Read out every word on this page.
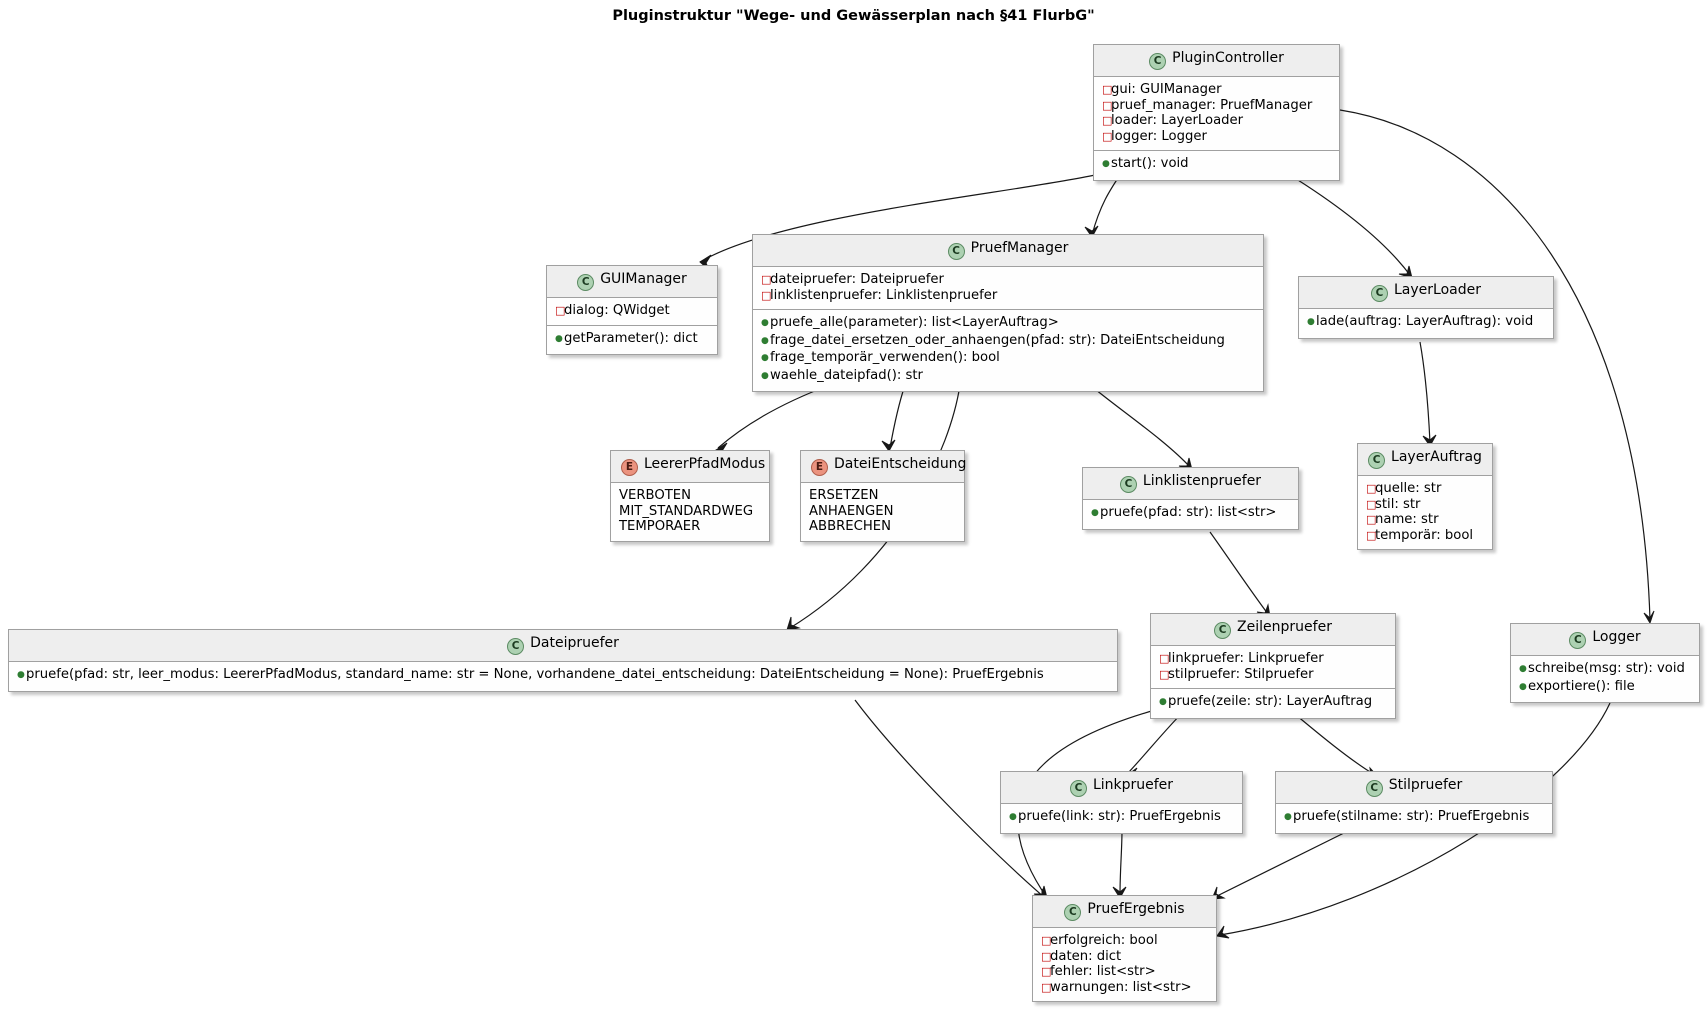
Pluginstruktur "Wege- und Gewässerplan nach §41 FlurbG"
C PluginController
□gui: GUIManager
□pruef_manager: PruefManager
□loader: LayerLoader
□logger: Logger
●start(): void
C GUIManager
□dialog: QWidget
●getParameter(): dict
C PruefManager
□dateipruefer: Dateipruefer
□linklistenpruefer: Linklistenpruefer
●pruefe_alle(parameter): list<LayerAuftrag>
●frage_datei_ersetzen_oder_anhaengen(pfad: str): DateiEntscheidung
●frage_temporär_verwenden(): bool
●waehle_dateipfad(): str
C LayerLoader
●lade(auftrag: LayerAuftrag): void
E LeererPfadModus
VERBOTEN
MIT_STANDARDWEG
TEMPORAER
E DateiEntscheidung
ERSETZEN
ANHAENGEN
ABBRECHEN
C Linklistenpruefer
●pruefe(pfad: str): list<str>
C LayerAuftrag
□quelle: str
□stil: str
□name: str
□temporär: bool
C Dateipruefer
●pruefe(pfad: str, leer_modus: LeererPfadModus, standard_name: str = None, vorhandene_datei_entscheidung: DateiEntscheidung = None): PruefErgebnis
C Zeilenpruefer
□linkpruefer: Linkpruefer
□stilpruefer: Stilpruefer
●pruefe(zeile: str): LayerAuftrag
C Logger
●schreibe(msg: str): void
●exportiere(): file
C Linkpruefer
●pruefe(link: str): PruefErgebnis
C Stilpruefer
●pruefe(stilname: str): PruefErgebnis
C PruefErgebnis
□erfolgreich: bool
□daten: dict
□fehler: list<str>
□warnungen: list<str>
